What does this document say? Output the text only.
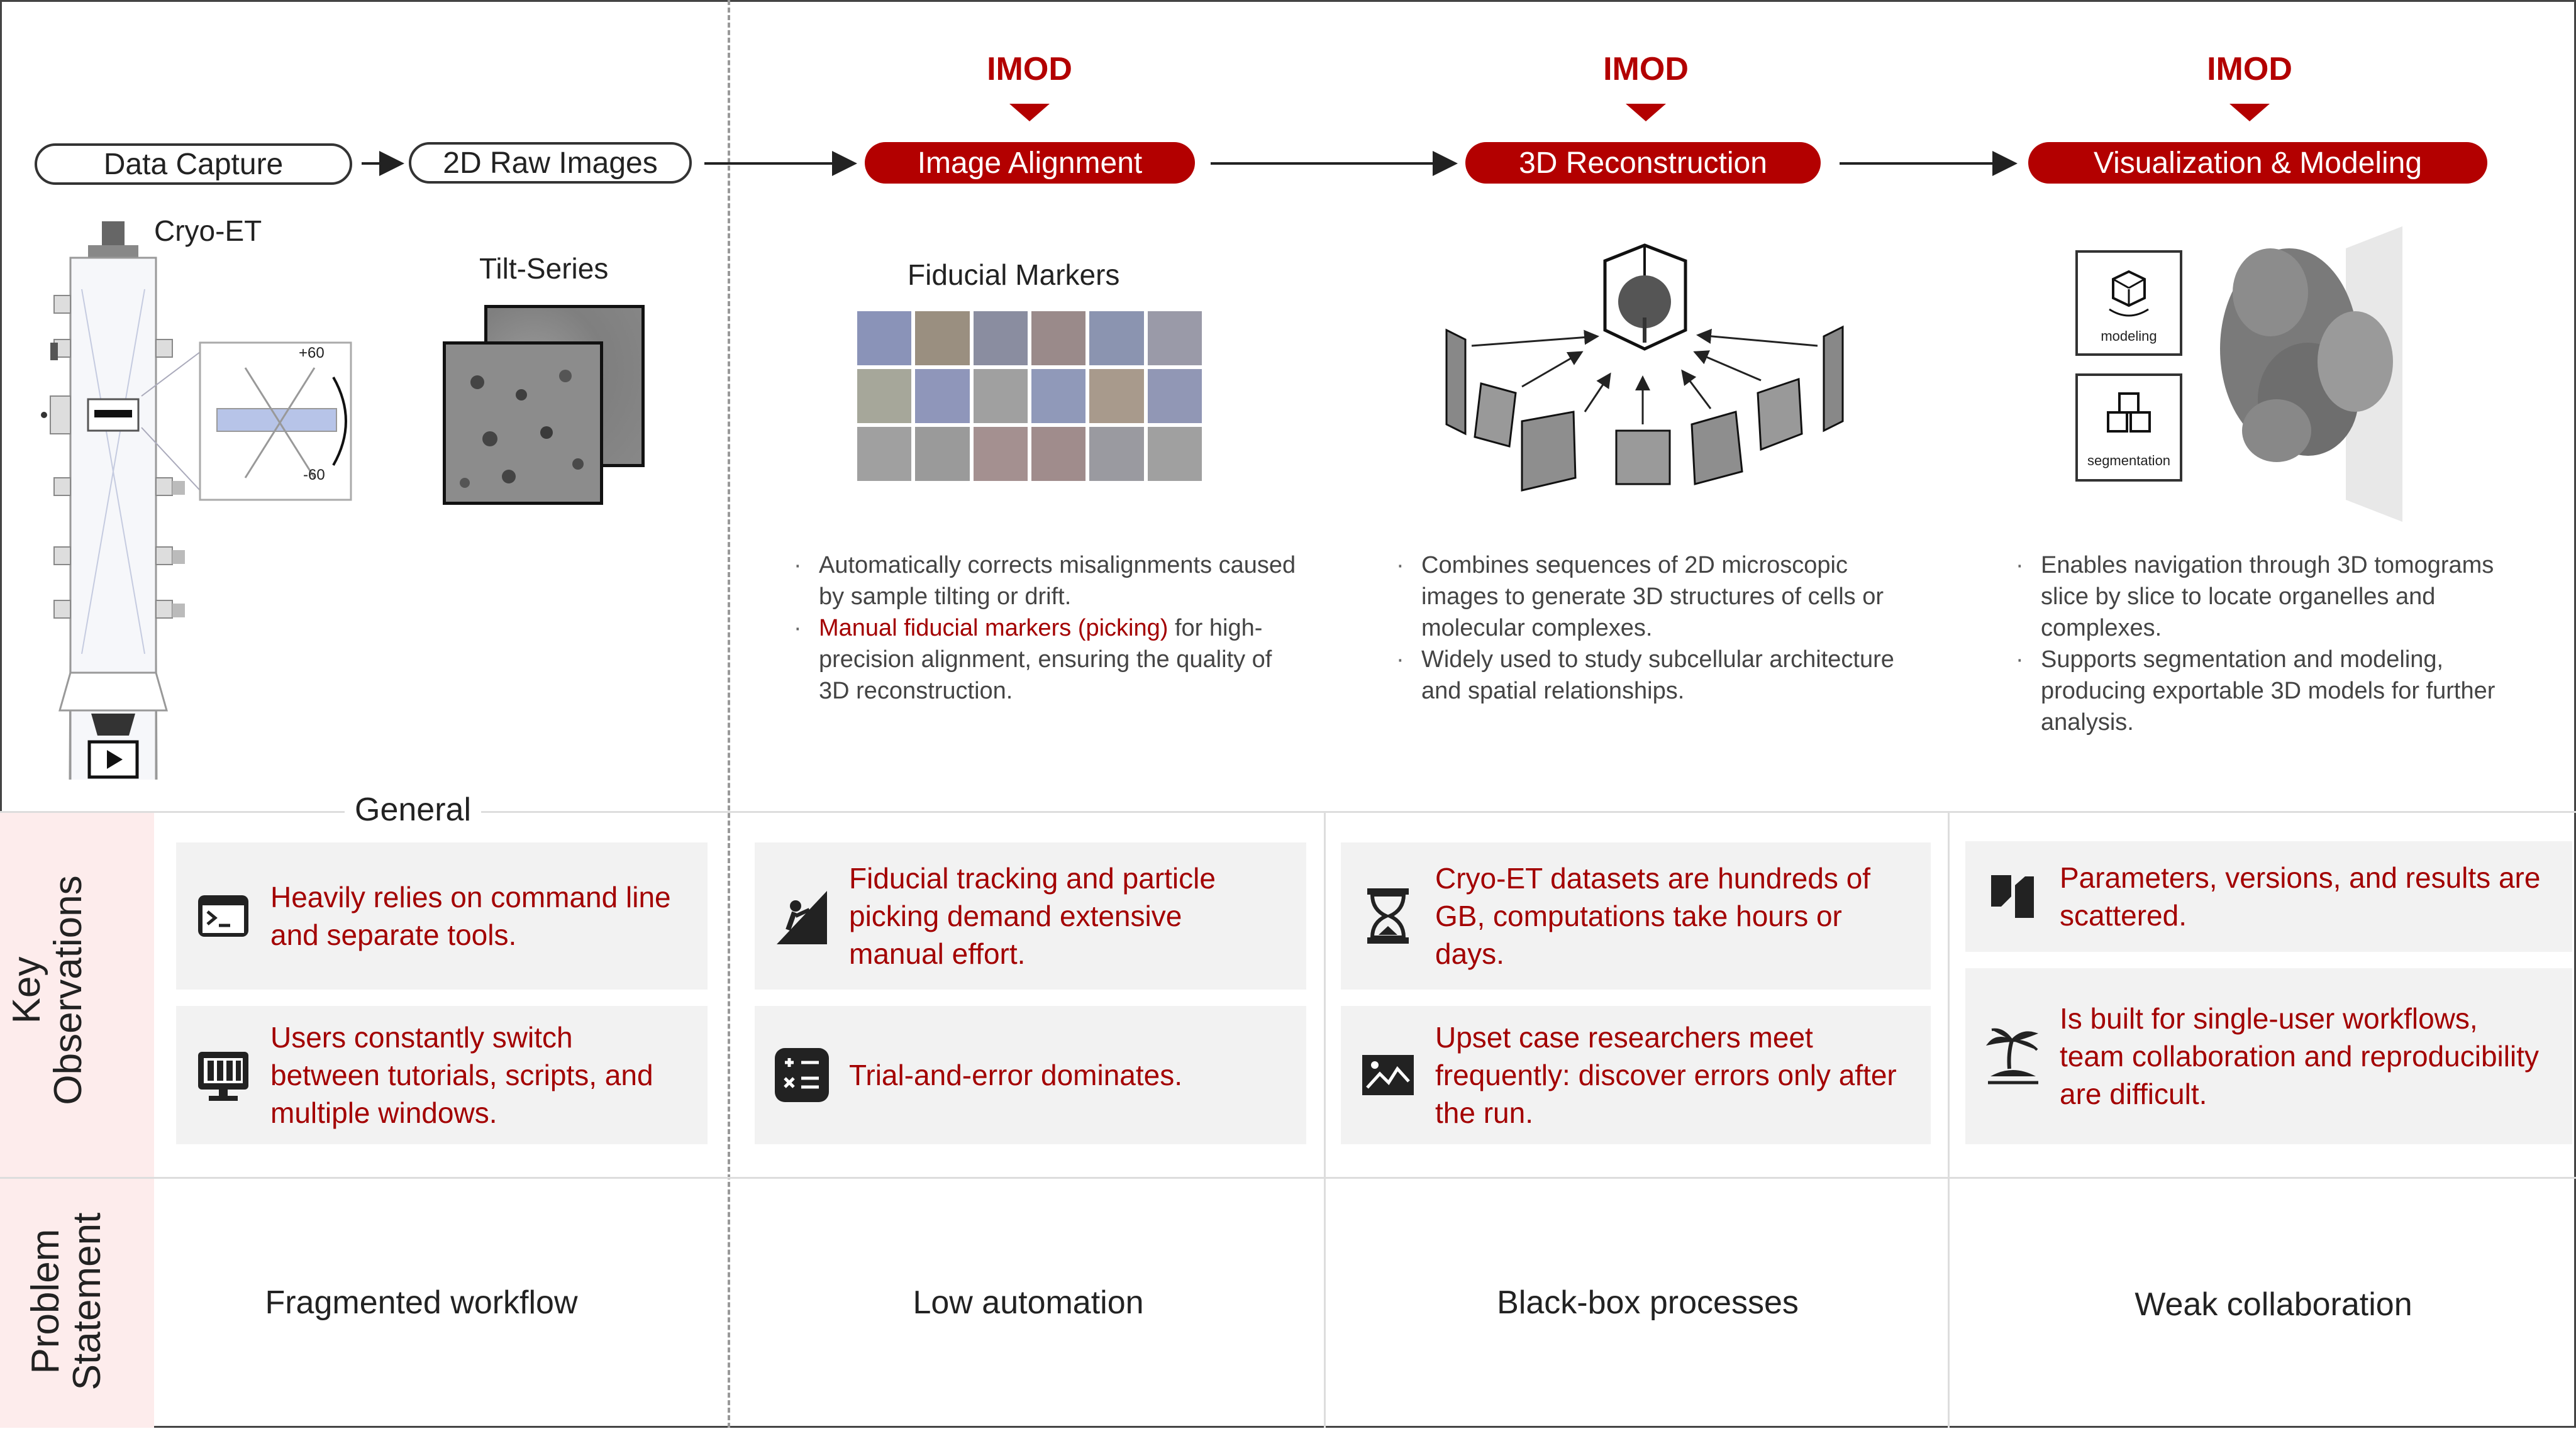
Data Capture	2D Raw Images
IMOD	IMOD	IMOD
Image Alignment	3D Reconstruction	Visualization & Modeling
Cryo-ET
+60
-60
Tilt-Series	Fiducial Markers
· Automatically corrects misalignments caused by sample tilting or drift.
· Manual fiducial markers (picking) for high-precision alignment, ensuring the quality of 3D reconstruction.
· Combines sequences of 2D microscopic images to generate 3D structures of cells or molecular complexes.
· Widely used to study subcellular architecture and spatial relationships.
modeling
segmentation
· Enables navigation through 3D tomograms slice by slice to locate organelles and complexes.
· Supports segmentation and modeling, producing exportable 3D models for further analysis.
Key Observations
Problem Statement
General
Heavily relies on command line and separate tools.
Users constantly switch between tutorials, scripts, and multiple windows.
Fiducial tracking and particle picking demand extensive manual effort.
Trial-and-error dominates.
Cryo-ET datasets are hundreds of GB, computations take hours or days.
Upset case researchers meet frequently: discover errors only after the run.
Parameters, versions, and results are scattered.
Is built for single-user workflows, team collaboration and reproducibility are difficult.
Fragmented workflow	Low automation	Black-box processes	Weak collaboration
